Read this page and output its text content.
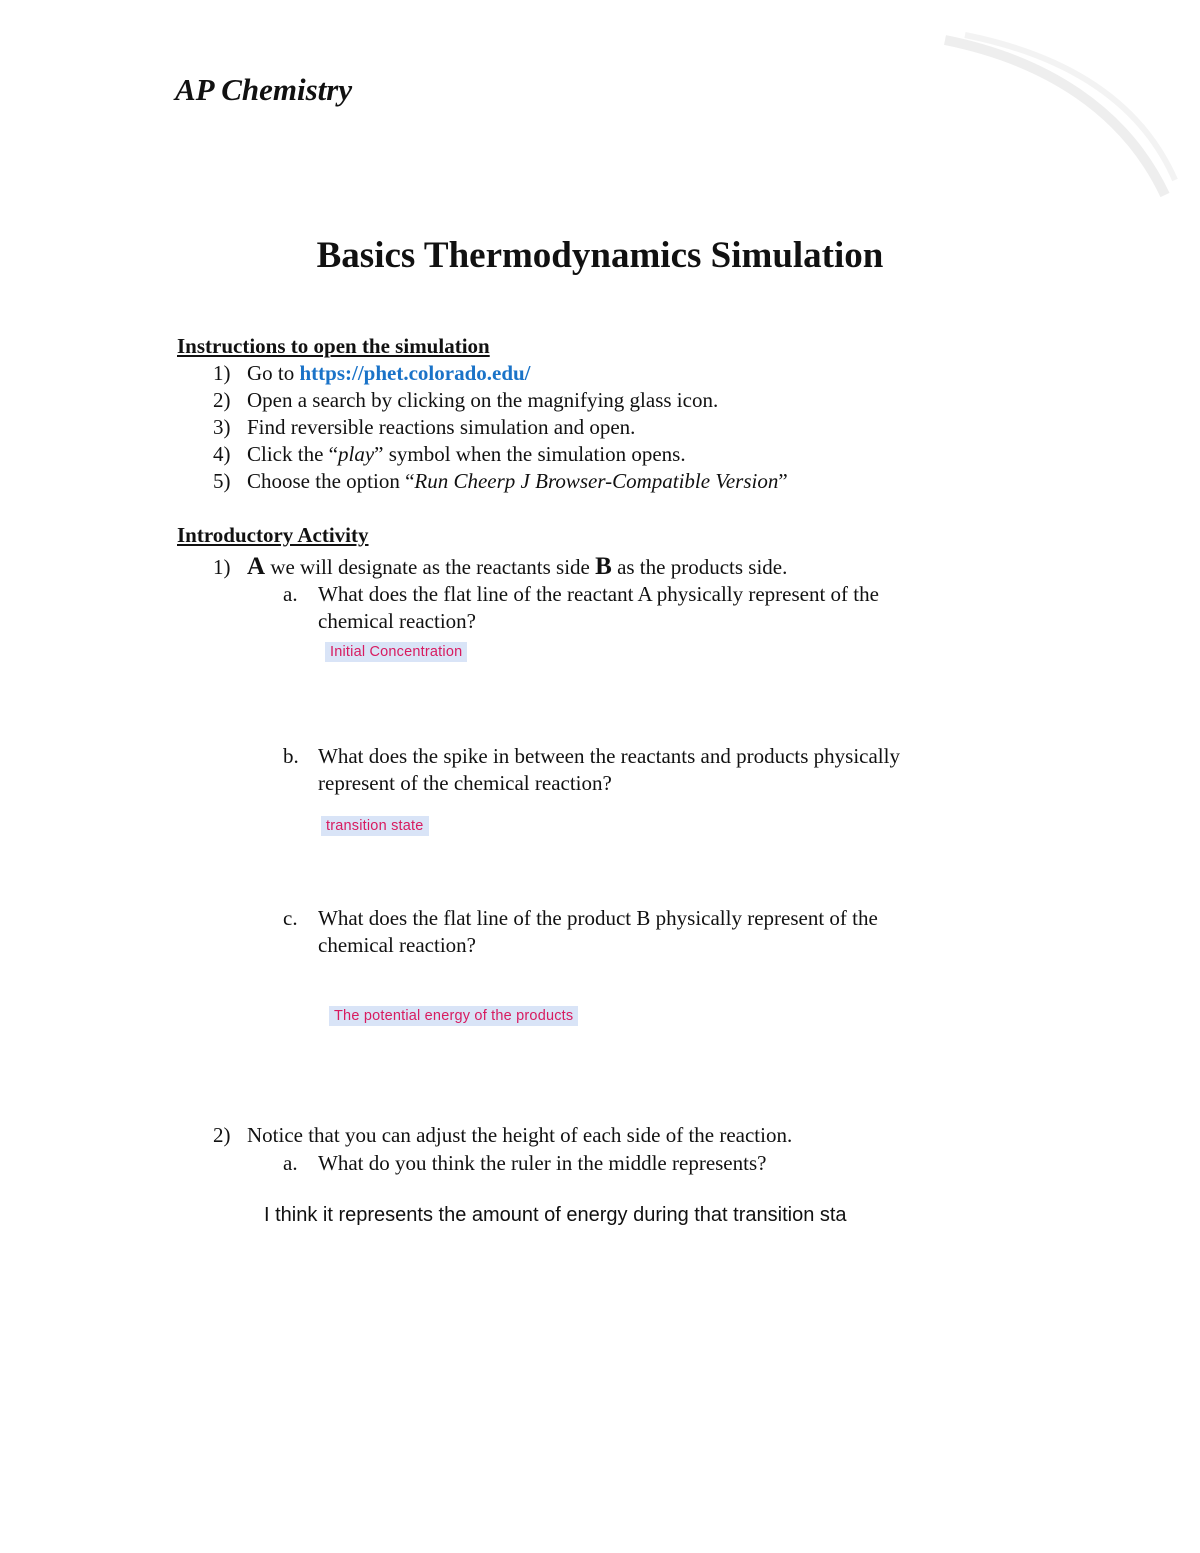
AP Chemistry
Basics Thermodynamics Simulation
Instructions to open the simulation
1) Go to https://phet.colorado.edu/
2) Open a search by clicking on the magnifying glass icon.
3) Find reversible reactions simulation and open.
4) Click the “play” symbol when the simulation opens.
5) Choose the option “Run Cheerp J Browser-Compatible Version”
Introductory Activity
1) A we will designate as the reactants side B as the products side.
a. What does the flat line of the reactant A physically represent of the
chemical reaction?
Initial Concentration
b. What does the spike in between the reactants and products physically
represent of the chemical reaction?
transition state
c. What does the flat line of the product B physically represent of the
chemical reaction?
The potential energy of the products
2) Notice that you can adjust the height of each side of the reaction.
a. What do you think the ruler in the middle represents?
I think it represents the amount of energy during that transition sta
